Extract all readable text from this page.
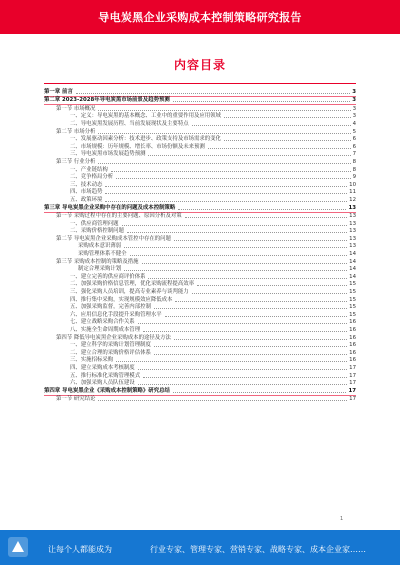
导电炭黑企业采购成本控制策略研究报告
内容目录
第一章 前言	3
第二章 2023-2028年导电炭黑市场前景及趋势预测	3
第一节 市场概况	3
一、定义：导电炭黑的基本概念、工业中的重要作用及应用领域	3
二、导电炭黑发展历程、当前发展现状及主要特点	4
第二节 市场分析	5
一、发展驱动因素分析：技术进步、政策支持及市场需求的变化	6
二、市场规模：历年规模、增长率、市场份额及未来预测	6
三、导电炭黑市场发展趋势预测	7
第三节 行业分析	8
一、产业链结构	8
二、竞争格局分析	9
三、技术动态	10
四、市场趋势	11
五、政策环境	12
第三章 导电炭黑企业采购中存在的问题及成本控制策略	13
第一节 采购过程中存在的主要问题、原因分析及对策	13
一、供应商管理问题	13
二、采购价格控制问题	13
第二节 导电炭黑企业采购成本管控中存在的问题	13
采购成本意识薄弱	13
采购管理体系不健全	14
第三节 采购成本控制的策略及措施	14
制定合理采购计划	14
一、建立完善的供应商评价体系	14
二、加强采购价格信息管理，优化采购流程提高效率	15
三、强化采购人员培训，提高专业素养与谈判能力	15
四、推行集中采购，实现规模效应降低成本	15
五、加强采购监督，完善内部控制	15
六、应用信息化手段提升采购管理水平	15
七、建立战略采购合作关系	16
八、实施全生命周期成本管理	16
第四节 降低导电炭黑企业采购成本的途径及方法	16
一、建立科学的采购计划管理制度	16
二、建立合理的采购价格评估体系	16
三、实施招标采购	16
四、建立采购成本考核制度	17
五、推行标准化采购管理模式	17
六、加强采购人员队伍建设	17
第四章 导电炭黑企业《采购成本控制策略》研究总结	17
第一节 研究结论	17
1
让每个人都能成为	行业专家、管理专家、营销专家、战略专家、成本企业家……
